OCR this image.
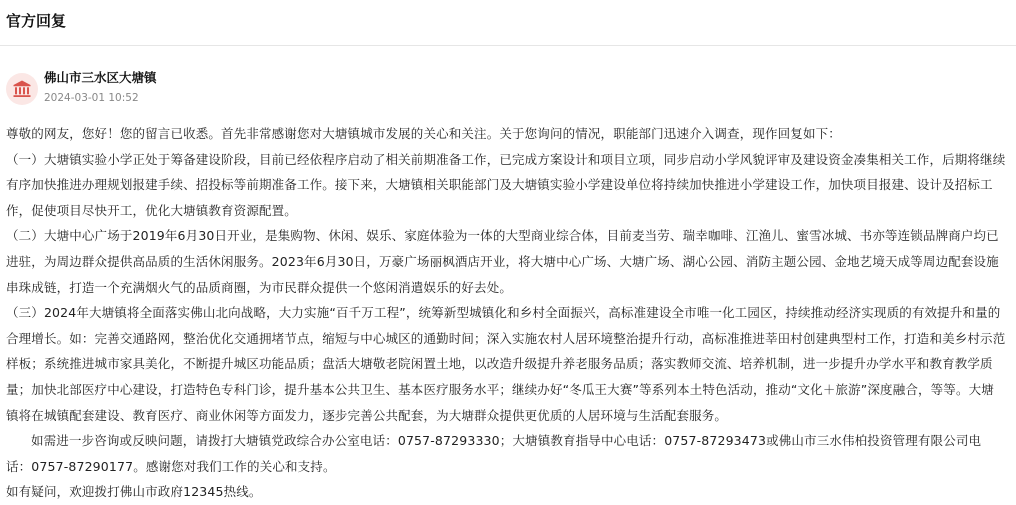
官方回复
佛山市三水区大塘镇
2024-03-01 10:52

尊敬的网友，您好！您的留言已收悉。首先非常感谢您对大塘镇城市发展的关心和关注。关于您询问的情况，职能部门迅速介入调查，现作回复如下：

（一）大塘镇实验小学正处于筹备建设阶段，目前已经依程序启动了相关前期准备工作，已完成方案设计和项目立项，同步启动小学风貌评审及建设资金凑集相关工作，后期将继续有序加快推进办理规划报建手续、招投标等前期准备工作。接下来，大塘镇相关职能部门及大塘镇实验小学建设单位将持续加快推进小学建设工作，加快项目报建、设计及招标工作，促使项目尽快开工，优化大塘镇教育资源配置。

（二）大塘中心广场于2019年6月30日开业，是集购物、休闲、娱乐、家庭体验为一体的大型商业综合体，目前麦当劳、瑞幸咖啡、江渔儿、蜜雪冰城、书亦等连锁品牌商户均已进驻，为周边群众提供高品质的生活休闲服务。2023年6月30日，万豪广场丽枫酒店开业，将大塘中心广场、大塘广场、湖心公园、消防主题公园、金地艺境天成等周边配套设施串珠成链，打造一个充满烟火气的品质商圈，为市民群众提供一个悠闲消遣娱乐的好去处。

（三）2024年大塘镇将全面落实佛山北向战略，大力实施“百千万工程”，统筹新型城镇化和乡村全面振兴，高标准建设全市唯一化工园区，持续推动经济实现质的有效提升和量的合理增长。如：完善交通路网，整治优化交通拥堵节点，缩短与中心城区的通勤时间；深入实施农村人居环境整治提升行动，高标准推进莘田村创建典型村工作，打造和美乡村示范样板；系统推进城市家具美化，不断提升城区功能品质；盘活大塘敬老院闲置土地，以改造升级提升养老服务品质；落实教师交流、培养机制，进一步提升办学水平和教育教学质量；加快北部医疗中心建设，打造特色专科门诊，提升基本公共卫生、基本医疗服务水平；继续办好“冬瓜王大赛”等系列本土特色活动，推动“文化＋旅游”深度融合，等等。大塘镇将在城镇配套建设、教育医疗、商业休闲等方面发力，逐步完善公共配套，为大塘群众提供更优质的人居环境与生活配套服务。

如需进一步咨询或反映问题，请拨打大塘镇党政综合办公室电话：0757-87293330；大塘镇教育指导中心电话：0757-87293473或佛山市三水伟柏投资管理有限公司电话：0757-87290177。感谢您对我们工作的关心和支持。

如有疑问，欢迎拨打佛山市政府12345热线。
